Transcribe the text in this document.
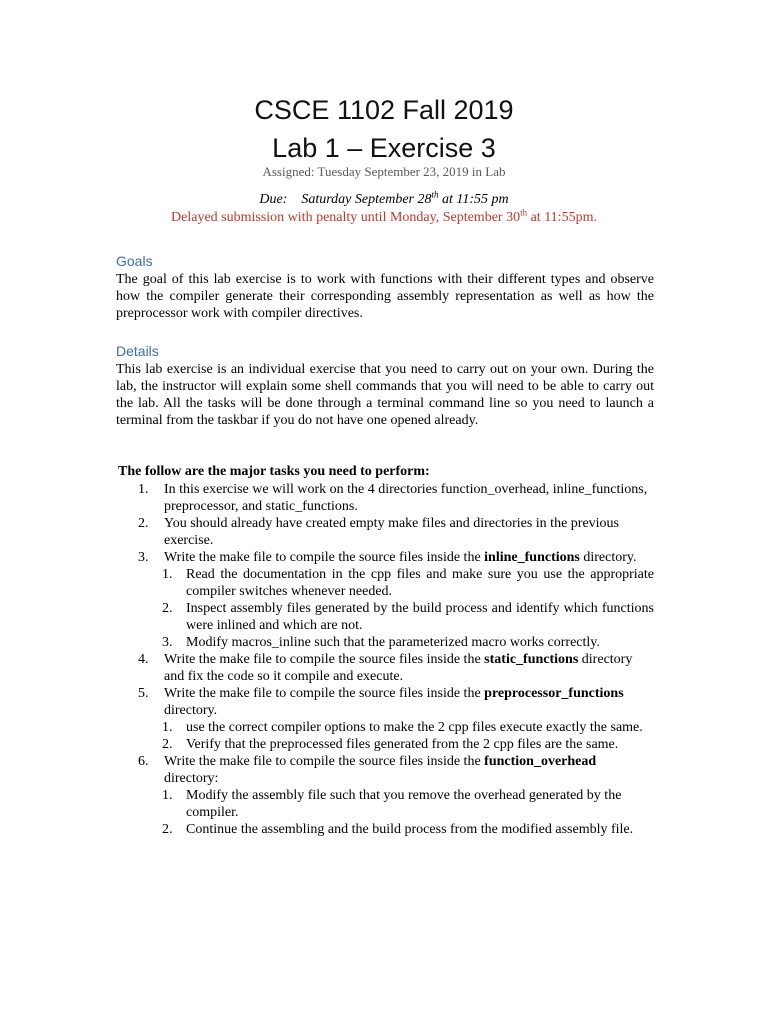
CSCE 1102 Fall 2019
Lab 1 – Exercise 3
Assigned: Tuesday September 23, 2019 in Lab
Due: Saturday September 28th at 11:55 pm
Delayed submission with penalty until Monday, September 30th at 11:55pm.
Goals
The goal of this lab exercise is to work with functions with their different types and observe how the compiler generate their corresponding assembly representation as well as how the preprocessor work with compiler directives.
Details
This lab exercise is an individual exercise that you need to carry out on your own. During the lab, the instructor will explain some shell commands that you will need to be able to carry out the lab. All the tasks will be done through a terminal command line so you need to launch a terminal from the taskbar if you do not have one opened already.
The follow are the major tasks you need to perform:
1. In this exercise we will work on the 4 directories function_overhead, inline_functions, preprocessor, and static_functions.
2. You should already have created empty make files and directories in the previous exercise.
3. Write the make file to compile the source files inside the inline_functions directory.
1. Read the documentation in the cpp files and make sure you use the appropriate compiler switches whenever needed.
2. Inspect assembly files generated by the build process and identify which functions were inlined and which are not.
3. Modify macros_inline such that the parameterized macro works correctly.
4. Write the make file to compile the source files inside the static_functions directory and fix the code so it compile and execute.
5. Write the make file to compile the source files inside the preprocessor_functions directory.
1. use the correct compiler options to make the 2 cpp files execute exactly the same.
2. Verify that the preprocessed files generated from the 2 cpp files are the same.
6. Write the make file to compile the source files inside the function_overhead directory:
1. Modify the assembly file such that you remove the overhead generated by the compiler.
2. Continue the assembling and the build process from the modified assembly file.
